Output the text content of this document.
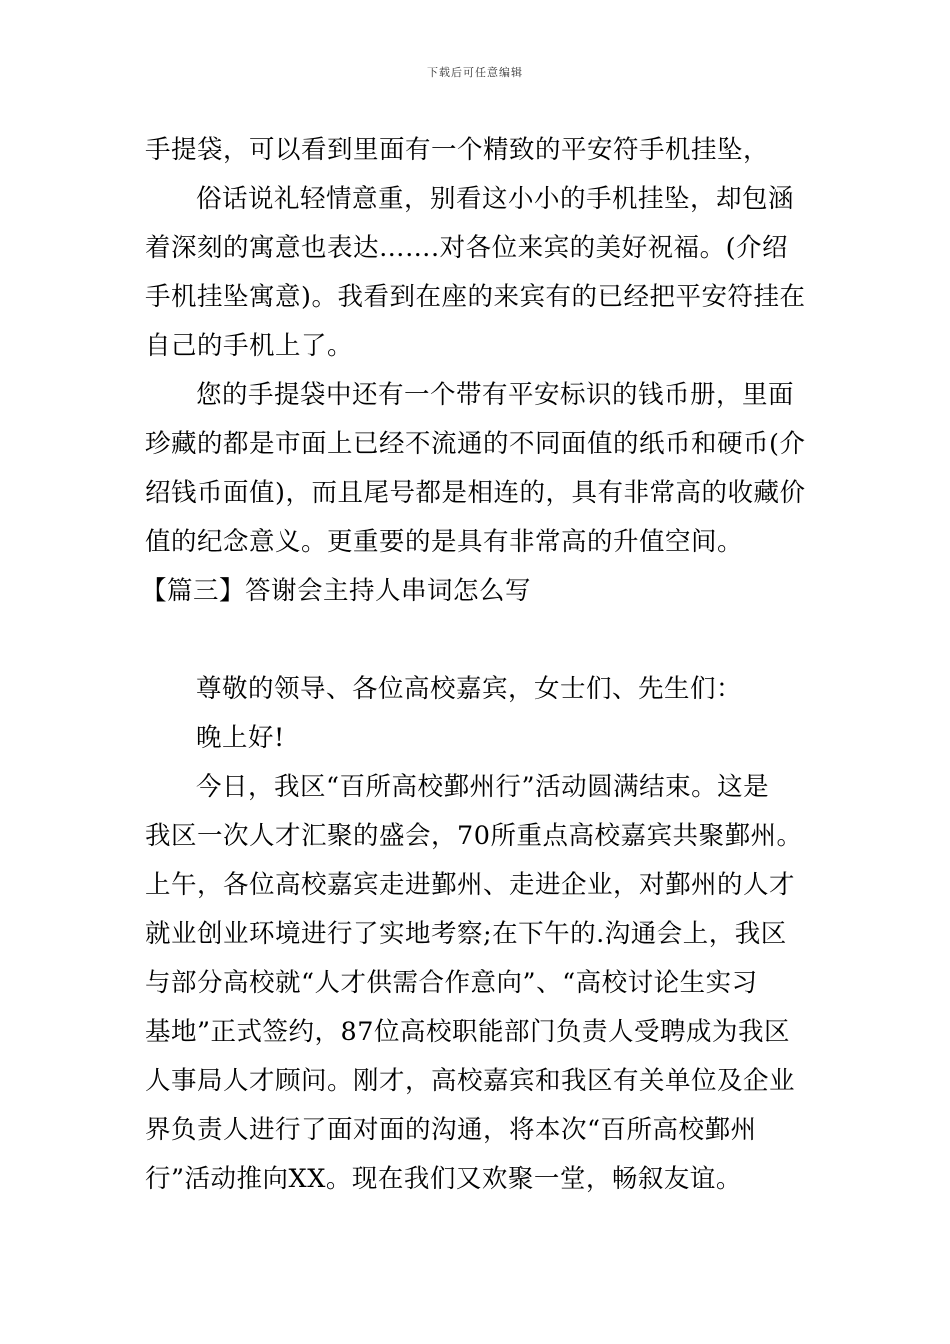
下载后可任意编辑
手提袋，可以看到里面有一个精致的平安符手机挂坠，
俗话说礼轻情意重，别看这小小的手机挂坠，却包涵
着深刻的寓意也表达…….对各位来宾的美好祝福。(介绍
手机挂坠寓意)。我看到在座的来宾有的已经把平安符挂在
自己的手机上了。
您的手提袋中还有一个带有平安标识的钱币册，里面
珍藏的都是市面上已经不流通的不同面值的纸币和硬币(介
绍钱币面值)，而且尾号都是相连的，具有非常高的收藏价
值的纪念意义。更重要的是具有非常高的升值空间。
【篇三】答谢会主持人串词怎么写
尊敬的领导、各位高校嘉宾，女士们、先生们：
晚上好!
今日，我区“百所高校鄞州行”活动圆满结束。这是
我区一次人才汇聚的盛会，70所重点高校嘉宾共聚鄞州。
上午，各位高校嘉宾走进鄞州、走进企业，对鄞州的人才
就业创业环境进行了实地考察;在下午的.沟通会上，我区
与部分高校就“人才供需合作意向”、“高校讨论生实习
基地”正式签约，87位高校职能部门负责人受聘成为我区
人事局人才顾问。刚才，高校嘉宾和我区有关单位及企业
界负责人进行了面对面的沟通，将本次“百所高校鄞州
行”活动推向XX。现在我们又欢聚一堂，畅叙友谊。
